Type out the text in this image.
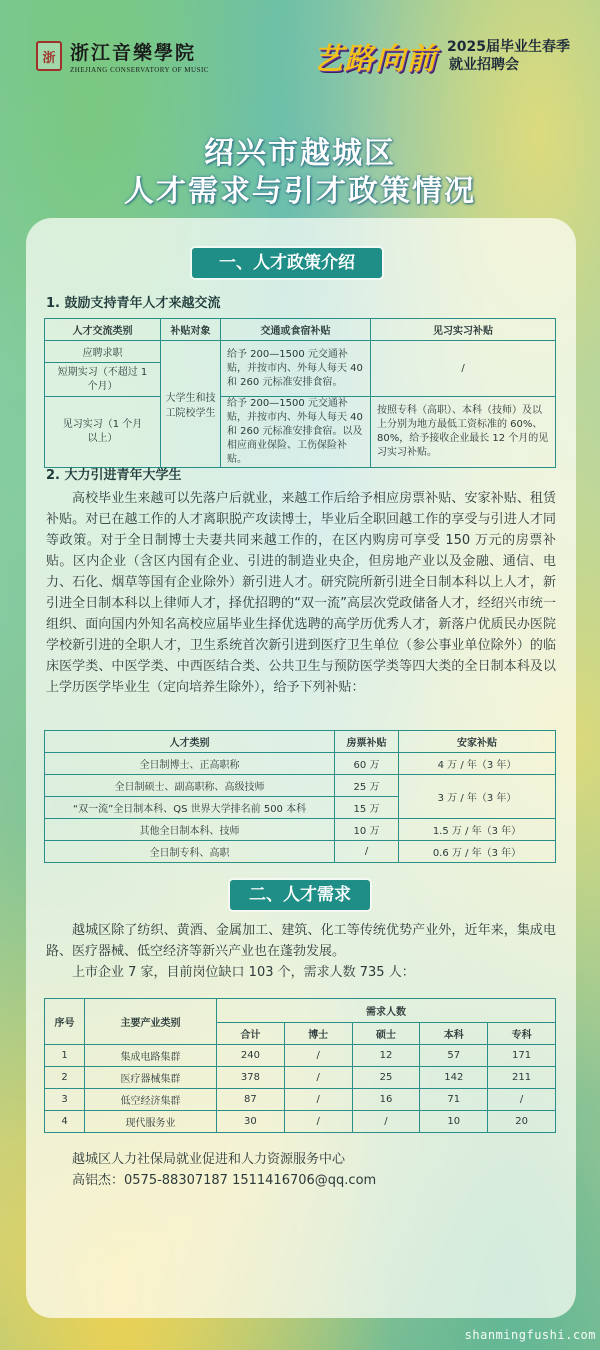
浙 浙江音樂學院
ZHEJIANG CONSERVATORY OF MUSIC	艺路向前 2025届毕业生春季
就业招聘会
绍兴市越城区
人才需求与引才政策情况
一、人才政策介绍
1. 鼓励支持青年人才来越交流
人才交流类别	补贴对象	交通或食宿补贴	见习实习补贴
应聘求职	大学生和技工院校学生	给予 200—1500 元交通补贴，并按市内、外每人每天 40 和 260 元标准安排食宿。	/
短期实习（不超过 1 个月）			
见习实习（1 个月以上）		给予 200—1500 元交通补贴，并按市内、外每人每天 40 和 260 元标准安排食宿。以及相应商业保险、工伤保险补贴。	按照专科（高职）、本科（技师）及以上分别为地方最低工资标准的 60%、80%，给予接收企业最长 12 个月的见习实习补贴。
2. 大力引进青年大学生
高校毕业生来越可以先落户后就业，来越工作后给予相应房票补贴、安家补贴、租赁补贴。对已在越工作的人才离职脱产攻读博士，毕业后全职回越工作的享受与引进人才同等政策。对于全日制博士夫妻共同来越工作的，在区内购房可享受 150 万元的房票补贴。区内企业（含区内国有企业、引进的制造业央企，但房地产业以及金融、通信、电力、石化、烟草等国有企业除外）新引进人才。研究院所新引进全日制本科以上人才，新引进全日制本科以上律师人才，择优招聘的“双一流”高层次党政储备人才，经绍兴市统一组织、面向国内外知名高校应届毕业生择优选聘的高学历优秀人才，新落户优质民办医院学校新引进的全职人才，卫生系统首次新引进到医疗卫生单位（参公事业单位除外）的临床医学类、中医学类、中西医结合类、公共卫生与预防医学类等四大类的全日制本科及以上学历医学毕业生（定向培养生除外），给予下列补贴：
人才类别	房票补贴	安家补贴
全日制博士、正高职称	60 万	4 万 / 年（3 年）
全日制硕士、副高职称、高级技师	25 万	3 万 / 年（3 年）
“双一流”全日制本科、QS 世界大学排名前 500 本科	15 万	
其他全日制本科、技师	10 万	1.5 万 / 年（3 年）
全日制专科、高职	/	0.6 万 / 年（3 年）
二、人才需求
越城区除了纺织、黄酒、金属加工、建筑、化工等传统优势产业外，近年来，集成电路、医疗器械、低空经济等新兴产业也在蓬勃发展。
上市企业 7 家，目前岗位缺口 103 个，需求人数 735 人：
序号	主要产业类别	需求人数				
		合计	博士	硕士	本科	专科
1	集成电路集群	240	/	12	57	171
2	医疗器械集群	378	/	25	142	211
3	低空经济集群	87	/	16	71	/
4	现代服务业	30	/	/	10	20
越城区人力社保局就业促进和人力资源服务中心
高铝杰：0575-88307187 1511416706@qq.com
shanmingfushi.com
